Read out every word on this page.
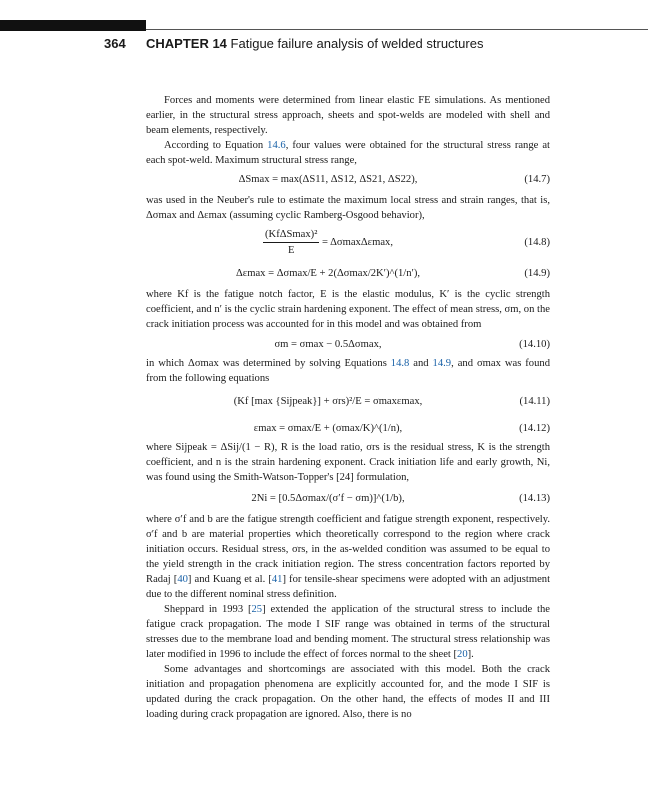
364 CHAPTER 14 Fatigue failure analysis of welded structures

Forces and moments were determined from linear elastic FE simulations. As mentioned earlier, in the structural stress approach, sheets and spot-welds are modeled with shell and beam elements, respectively.

According to Equation 14.6, four values were obtained for the structural stress range at each spot-weld. Maximum structural stress range,

ΔSmax = max(ΔS11, ΔS12, ΔS21, ΔS22),	(14.7)

was used in the Neuber's rule to estimate the maximum local stress and strain ranges, that is, Δσmax and Δεmax (assuming cyclic Ramberg-Osgood behavior),

$\frac{\text{(KfΔSmax)²}}{E} = \Delta\sigma\max\Delta\varepsilon\max$,	(14.8)
Δεmax = Δσmax/E + 2(Δσmax/2K′)^(1/n′),	(14.9)

where Kf is the fatigue notch factor, E is the elastic modulus, K′ is the cyclic strength coefficient, and n′ is the cyclic strain hardening exponent. The effect of mean stress, σm, on the crack initiation process was accounted for in this model and was obtained from

σm = σmax − 0.5Δσmax,	(14.10)

in which Δσmax was determined by solving Equations 14.8 and 14.9, and σmax was found from the following equations

(Kf [max {Sijpeak}] + σrs)²/E = σmaxεmax,	(14.11)
εmax = σmax/E + (σmax/K)^(1/n),	(14.12)

where Sijpeak = ΔSij/(1 − R), R is the load ratio, σrs is the residual stress, K is the strength coefficient, and n is the strain hardening exponent. Crack initiation life and early growth, Ni, was found using the Smith-Watson-Topper's [24] formulation,

2Ni = [0.5Δσmax/(σ′f − σm)]^(1/b),	(14.13)

where σ′f and b are the fatigue strength coefficient and fatigue strength exponent, respectively. σ′f and b are material properties which theoretically correspond to the region where crack initiation occurs. Residual stress, σrs, in the as-welded condition was assumed to be equal to the yield strength in the crack initiation region. The stress concentration factors reported by Radaj [40] and Kuang et al. [41] for tensile-shear specimens were adopted with an adjustment due to the different nominal stress definition.

Sheppard in 1993 [25] extended the application of the structural stress to include the fatigue crack propagation. The mode I SIF range was obtained in terms of the structural stresses due to the membrane load and bending moment. The structural stress relationship was later modified in 1996 to include the effect of forces normal to the sheet [20].

Some advantages and shortcomings are associated with this model. Both the crack initiation and propagation phenomena are explicitly accounted for, and the mode I SIF is updated during the crack propagation. On the other hand, the effects of modes II and III loading during crack propagation are ignored. Also, there is no
